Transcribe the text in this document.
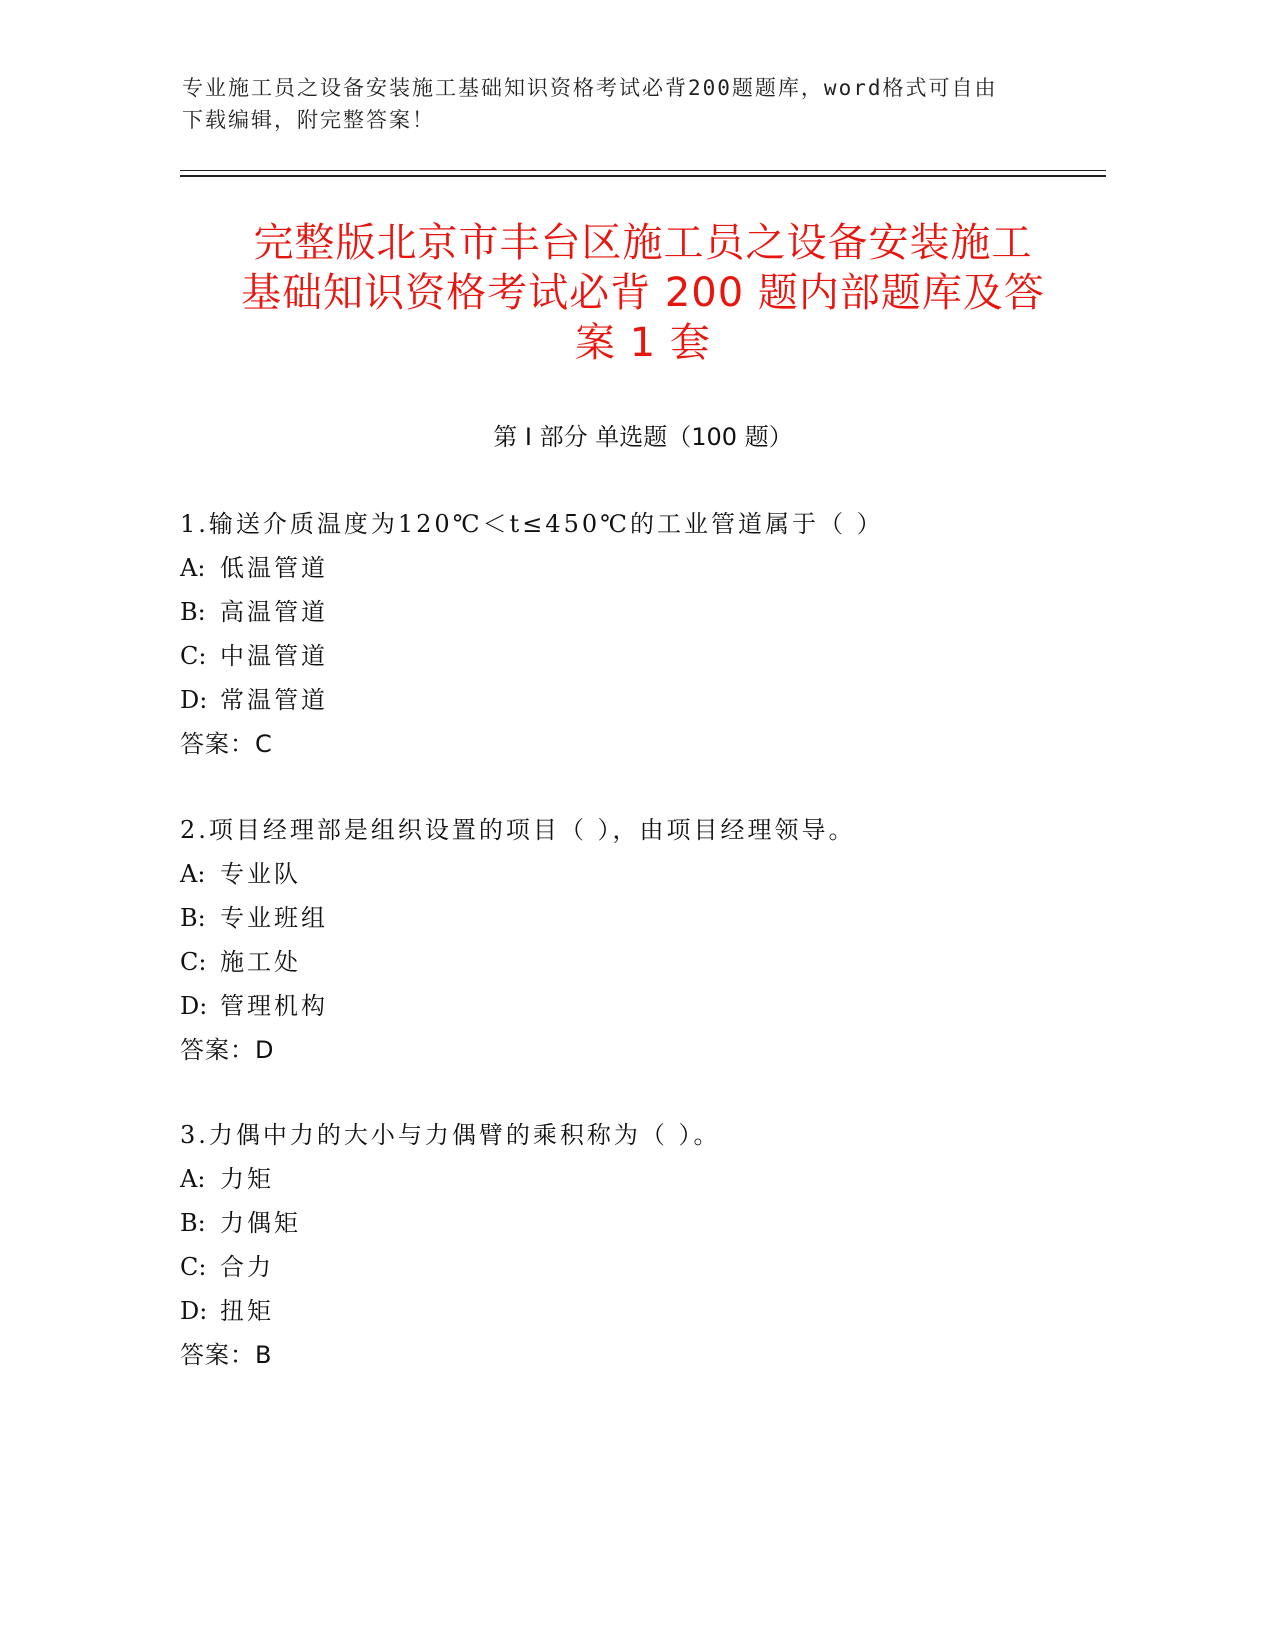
专业施工员之设备安装施工基础知识资格考试必背200题题库，word格式可自由
下载编辑，附完整答案！
完整版北京市丰台区施工员之设备安装施工
基础知识资格考试必背 200 题内部题库及答
案 1 套
第 I 部分 单选题（100 题）
1.输送介质温度为120℃＜t≤450℃的工业管道属于（ ）
A: 低温管道
B: 高温管道
C: 中温管道
D: 常温管道
答案：C
2.项目经理部是组织设置的项目（ ），由项目经理领导。
A: 专业队
B: 专业班组
C: 施工处
D: 管理机构
答案：D
3.力偶中力的大小与力偶臂的乘积称为（ ）。
A: 力矩
B: 力偶矩
C: 合力
D: 扭矩
答案：B
